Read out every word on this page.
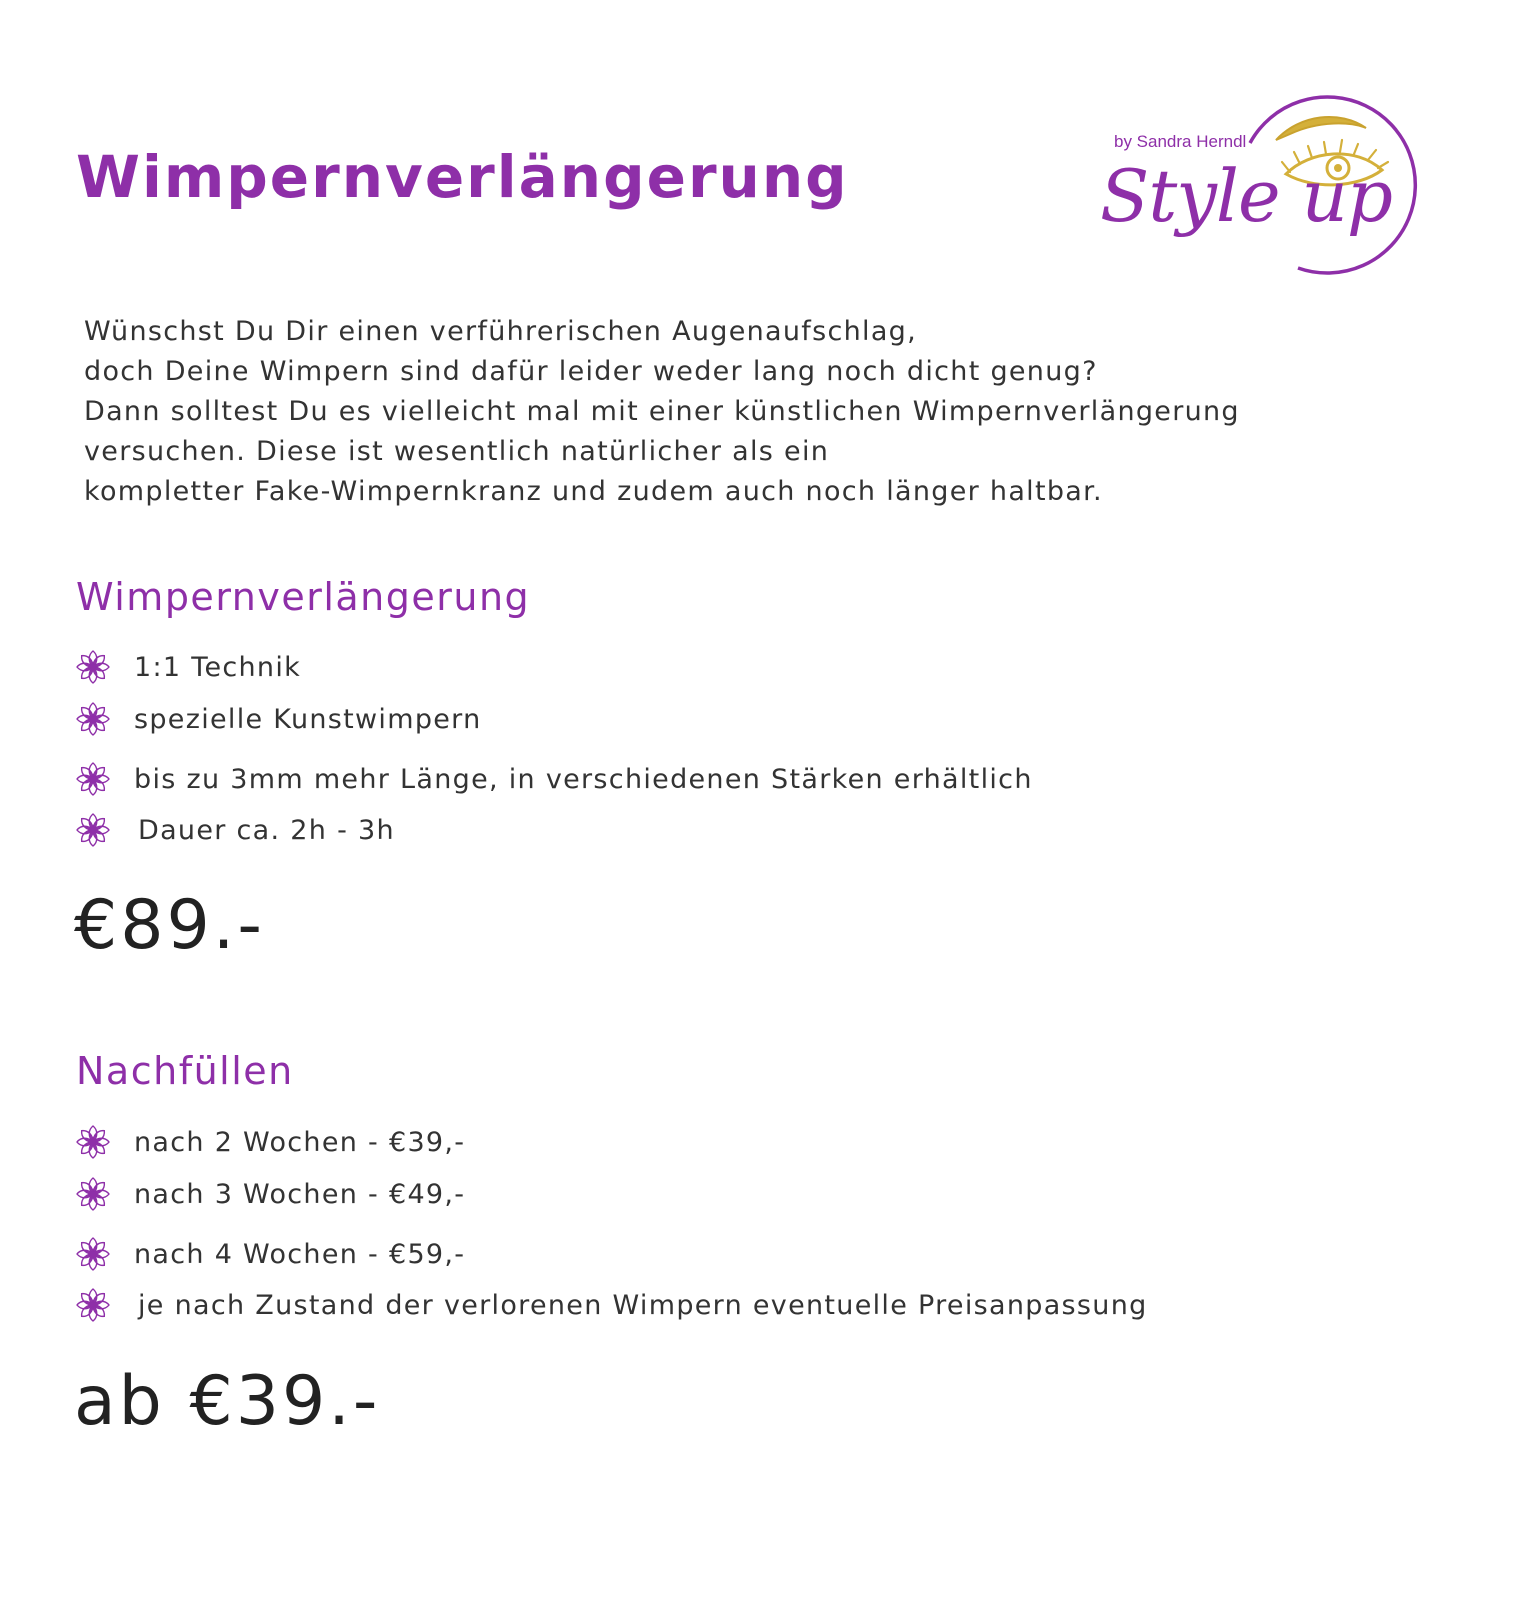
Wimpernverlängerung
by Sandra Herndl
Style up

Wünschst Du Dir einen verführerischen Augenaufschlag,
doch Deine Wimpern sind dafür leider weder lang noch dicht genug?
Dann solltest Du es vielleicht mal mit einer künstlichen Wimpernverlängerung
versuchen. Diese ist wesentlich natürlicher als ein
kompletter Fake-Wimpernkranz und zudem auch noch länger haltbar.

Wimpernverlängerung
1:1 Technik
spezielle Kunstwimpern
bis zu 3mm mehr Länge, in verschiedenen Stärken erhältlich
Dauer ca. 2h - 3h
€89.-
Nachfüllen
nach 2 Wochen - €39,-
nach 3 Wochen - €49,-
nach 4 Wochen - €59,-
je nach Zustand der verlorenen Wimpern eventuelle Preisanpassung
ab €39.-
